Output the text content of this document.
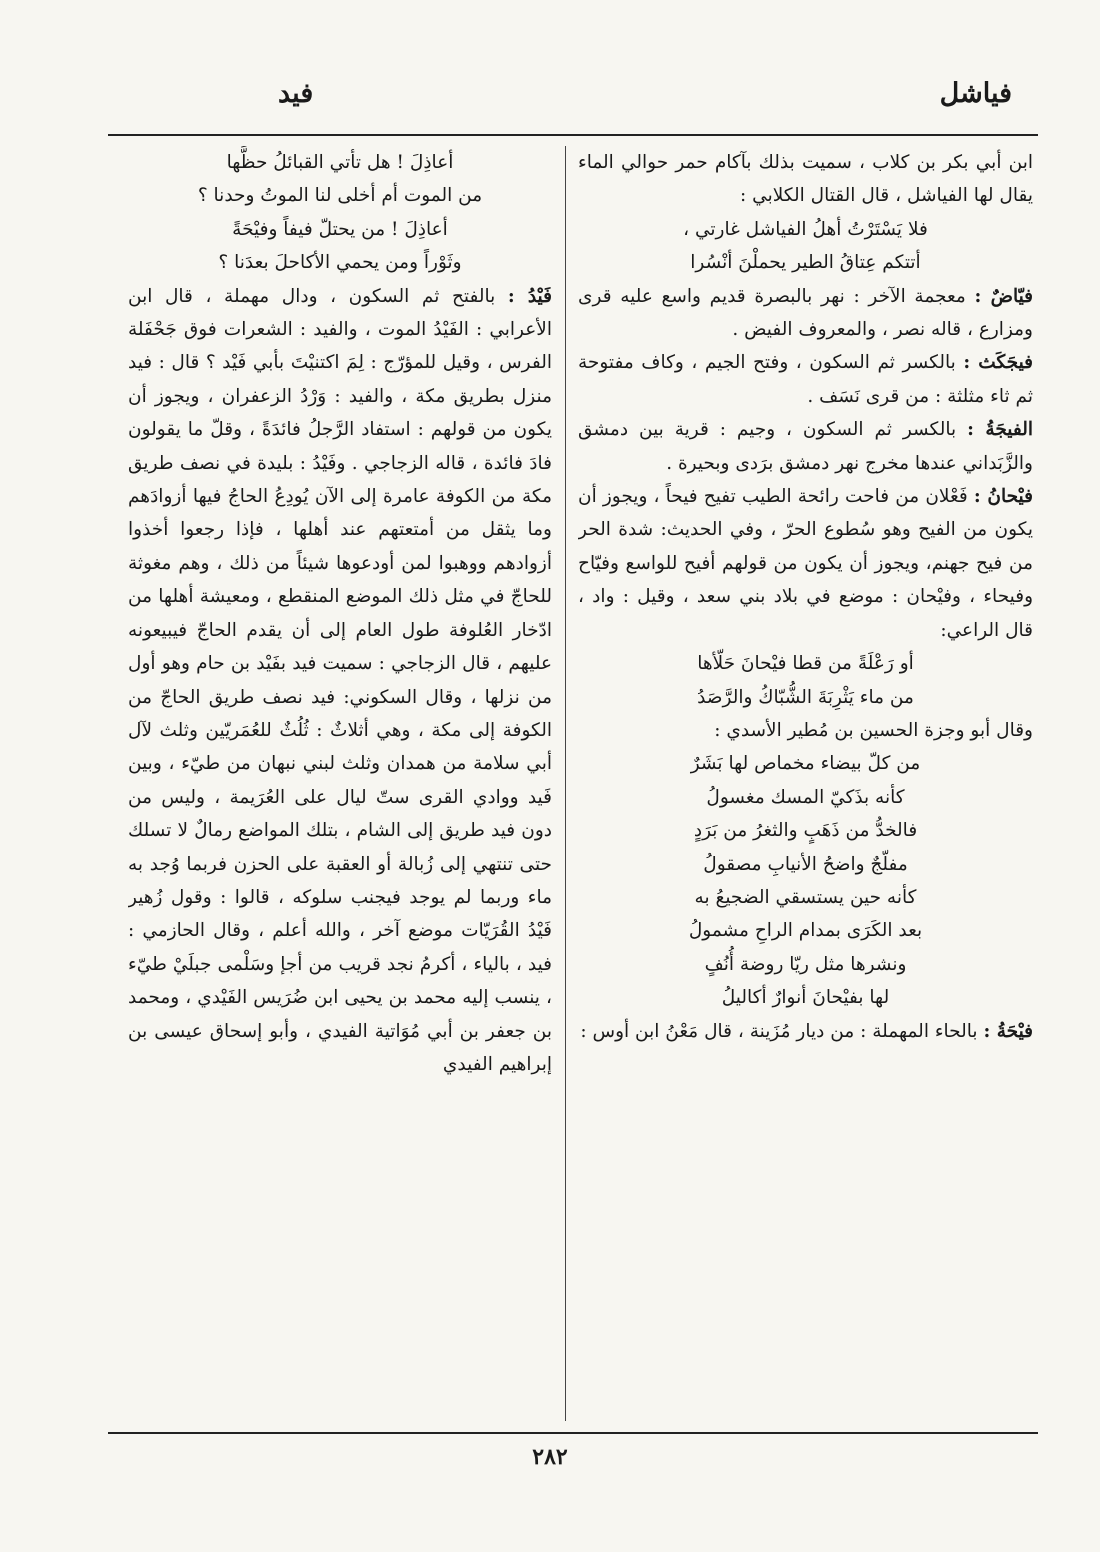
فياشل
فيد

ابن أبي بكر بن كلاب ، سميت بذلك بآكام حمر حوالي الماء يقال لها الفياشل ، قال القتال الكلابي :

فلا يَسْتَرْتُ أهلُ الفياشل غارتي ،
أتتكم عِتاقُ الطير يحملْنَ أنْسُرا

فيّاضٌ : معجمة الآخر : نهر بالبصرة قديم واسع عليه قرى ومزارع ، قاله نصر ، والمعروف الفيض .

فيجَكَث : بالكسر ثم السكون ، وفتح الجيم ، وكاف مفتوحة ثم ثاء مثلثة : من قرى نَسَف .

الفيجَةُ : بالكسر ثم السكون ، وجيم : قرية بين دمشق والزَّبَداني عندها مخرج نهر دمشق برَدى وبحيرة .

فيْحانُ : فَعْلان من فاحت رائحة الطيب تفيح فيحاً ، ويجوز أن يكون من الفيح وهو سُطوع الحرّ ، وفي الحديث: شدة الحر من فيح جهنم، ويجوز أن يكون من قولهم أفيح للواسع وفيّاح وفيحاء ، وفيْحان : موضع في بلاد بني سعد ، وقيل : واد ، قال الراعي:

أو رَعْلَةً من قطا فيْحانَ حَلّأها
من ماء يَثْرِبَةَ الشُّبّاكُ والرَّصَدُ

وقال أبو وجزة الحسين بن مُطير الأسدي :

من كلّ بيضاء مخماص لها بَشَرٌ
كأنه بذَكيّ المسك مغسولُ
فالخدُّ من ذَهَبٍ والثغرُ من بَرَدٍ
مفلّجٌ واضحُ الأنيابِ مصقولُ
كأنه حين يستسقي الضجيعُ به
بعد الكَرَى بمدام الراحِ مشمولُ
ونشرها مثل ريّا روضة أُنُفٍ
لها بفيْحانَ أنوارٌ أكاليلُ

فيْحَةُ : بالحاء المهملة : من ديار مُزَينة ، قال مَعْنُ ابن أوس :

أعاذِلَ ! هل تأتي القبائلُ حظَّها
من الموت أم أخلى لنا الموتُ وحدنا ؟
أعاذِلَ ! من يحتلّ فيفاً وفيْحَةً
وثَوْراً ومن يحمي الأكاحلَ بعدَنا ؟

فَيْدُ : بالفتح ثم السكون ، ودال مهملة ، قال ابن الأعرابي : الفَيْدُ الموت ، والفيد : الشعرات فوق جَحْفَلة الفرس ، وقيل للمؤرّج : لِمَ اكتنيْتَ بأبي فَيْد ؟ قال : فيد منزل بطريق مكة ، والفيد : وَرْدُ الزعفران ، ويجوز أن يكون من قولهم : استفاد الرَّجلُ فائدَةً ، وقلّ ما يقولون فادَ فائدة ، قاله الزجاجي . وفَيْدُ : بليدة في نصف طريق مكة من الكوفة عامرة إلى الآن يُودِعُ الحاجُ فيها أزوادَهم وما يثقل من أمتعتهم عند أهلها ، فإذا رجعوا أخذوا أزوادهم ووهبوا لمن أودعوها شيئاً من ذلك ، وهم مغوثة للحاجّ في مثل ذلك الموضع المنقطع ، ومعيشة أهلها من ادّخار العُلوفة طول العام إلى أن يقدم الحاجّ فيبيعونه عليهم ، قال الزجاجي : سميت فيد بفَيْد بن حام وهو أول من نزلها ، وقال السكوني: فيد نصف طريق الحاجّ من الكوفة إلى مكة ، وهي أثلاثٌ : ثُلُثٌ للعُمَريّين وثلث لآل أبي سلامة من همدان وثلث لبني نبهان من طيّء ، وبين فَيد ووادي القرى ستّ ليال على العُرَيمة ، وليس من دون فيد طريق إلى الشام ، بتلك المواضع رمالٌ لا تسلك حتى تنتهي إلى زُبالة أو العقبة على الحزن فربما وُجد به ماء وربما لم يوجد فيجنب سلوكه ، قالوا : وقول زُهير فَيْدُ القُرَيّات موضع آخر ، والله أعلم ، وقال الحازمي : فيد ، بالياء ، أكرمُ نجد قريب من أجإ وسَلْمى جبلَيْ طيّء ، ينسب إليه محمد بن يحيى ابن ضُرَيس الفَيْدي ، ومحمد بن جعفر بن أبي مُوَاتية الفيدي ، وأبو إسحاق عيسى بن إبراهيم الفيدي

٢٨٢
